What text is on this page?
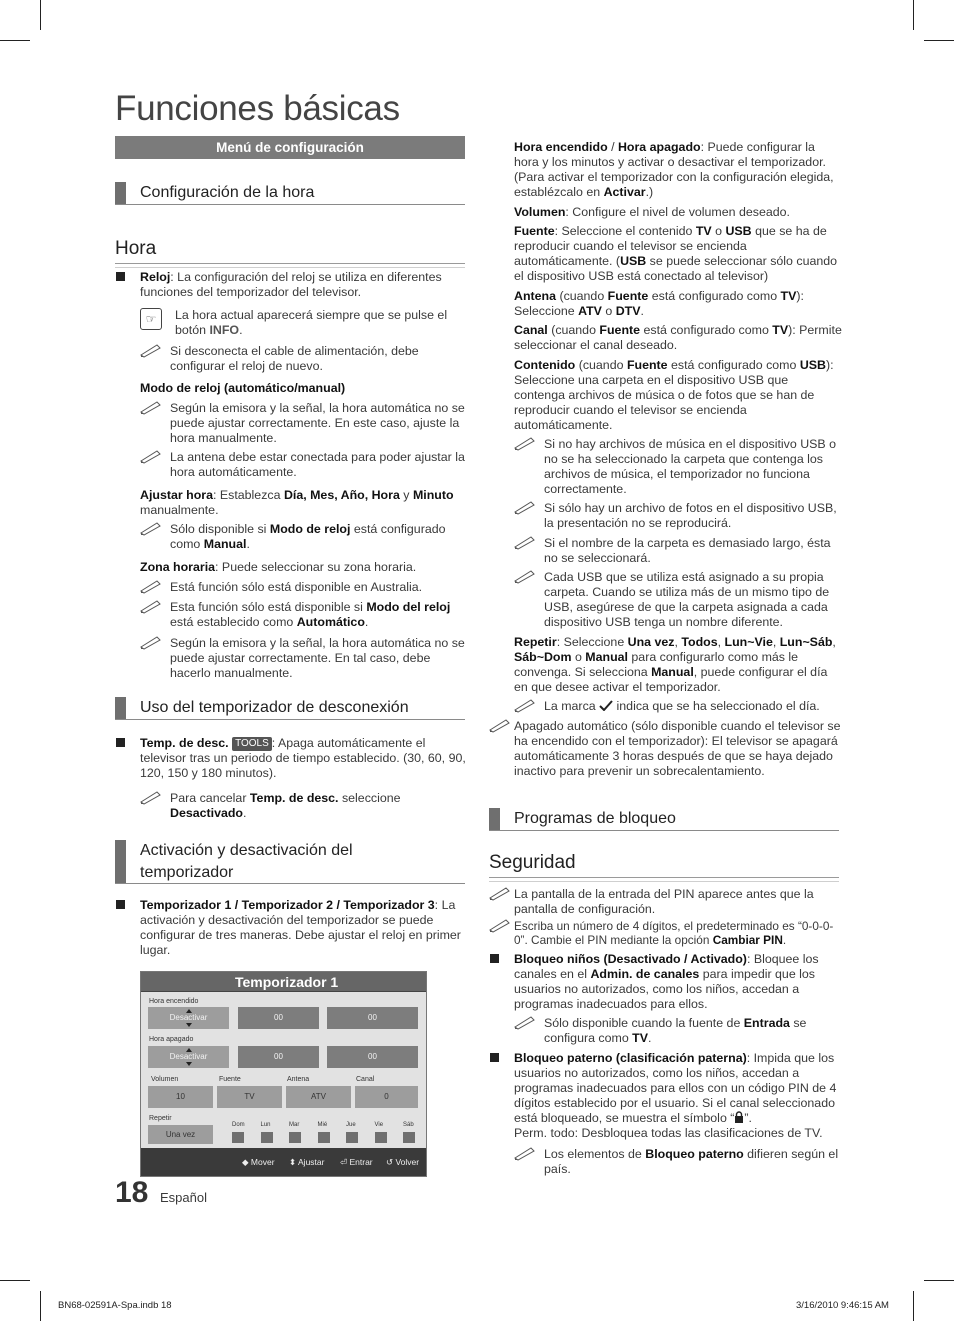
Funciones básicas
Menú de configuración
Configuración de la hora
Hora
Reloj: La configuración del reloj se utiliza en diferentes funciones del temporizador del televisor.
☞	La hora actual aparecerá siempre que se pulse el botón INFO.
Si desconecta el cable de alimentación, debe configurar el reloj de nuevo.
Modo de reloj (automático/manual)
Según la emisora y la señal, la hora automática no se puede ajustar correctamente. En este caso, ajuste la hora manualmente.
La antena debe estar conectada para poder ajustar la hora automáticamente.
Ajustar hora: Establezca Día, Mes, Año, Hora y Minuto manualmente.
Sólo disponible si Modo de reloj está configurado como Manual.
Zona horaria: Puede seleccionar su zona horaria.
Está función sólo está disponible en Australia.
Esta función sólo está disponible si Modo del reloj está establecido como Automático.
Según la emisora y la señal, la hora automática no se puede ajustar correctamente. En tal caso, debe hacerlo manualmente.
Uso del temporizador de desconexión
Temp. de desc. TOOLS : Apaga automáticamente el televisor tras un periodo de tiempo establecido. (30, 60, 90, 120, 150 y 180 minutos).
Para cancelar Temp. de desc. seleccione Desactivado.
Activación y desactivación del
temporizador
Temporizador 1 / Temporizador 2 / Temporizador 3: La activación y desactivación del temporizador se puede configurar de tres maneras. Debe ajustar el reloj en primer lugar.
Temporizador 1
Hora encendido
Desactivar	00	00
Hora apagado
Desactivar	00	00
Volumen	Fuente	Antena	Canal
10	TV	ATV	0
Repetir
Una vez
Dom	Lun	Mar	Mié	Jue	Vie	Sáb
◆ Mover ⬍ Ajustar ⏎ Entrar ↺ Volver
Hora encendido / Hora apagado: Puede configurar la hora y los minutos y activar o desactivar el temporizador. (Para activar el temporizador con la configuración elegida, establézcalo en Activar.)
Volumen: Configure el nivel de volumen deseado.
Fuente: Seleccione el contenido TV o USB que se ha de reproducir cuando el televisor se encienda automáticamente. (USB se puede seleccionar sólo cuando el dispositivo USB está conectado al televisor)
Antena (cuando Fuente está configurado como TV): Seleccione ATV o DTV.
Canal (cuando Fuente está configurado como TV): Permite seleccionar el canal deseado.
Contenido (cuando Fuente está configurado como USB): Seleccione una carpeta en el dispositivo USB que contenga archivos de música o de fotos que se han de reproducir cuando el televisor se encienda automáticamente.
Si no hay archivos de música en el dispositivo USB o no se ha seleccionado la carpeta que contenga los archivos de música, el temporizador no funciona correctamente.
Si sólo hay un archivo de fotos en el dispositivo USB, la presentación no se reproducirá.
Si el nombre de la carpeta es demasiado largo, ésta no se seleccionará.
Cada USB que se utiliza está asignado a su propia carpeta. Cuando se utiliza más de un mismo tipo de USB, asegúrese de que la carpeta asignada a cada dispositivo USB tenga un nombre diferente.
Repetir: Seleccione Una vez, Todos, Lun~Vie, Lun~Sáb, Sáb~Dom o Manual para configurarlo como más le convenga. Si selecciona Manual, puede configurar el día en que desee activar el temporizador.
La marca  indica que se ha seleccionado el día.
Apagado automático (sólo disponible cuando el televisor se ha encendido con el temporizador): El televisor se apagará automáticamente 3 horas después de que se haya dejado inactivo para prevenir un sobrecalentamiento.
Programas de bloqueo
Seguridad
La pantalla de la entrada del PIN aparece antes que la pantalla de configuración.
Escriba un número de 4 dígitos, el predeterminado es “0-0-0-0”. Cambie el PIN mediante la opción Cambiar PIN.
Bloqueo niños (Desactivado / Activado): Bloquee los canales en el Admin. de canales para impedir que los usuarios no autorizados, como los niños, accedan a programas inadecuados para ellos.
Sólo disponible cuando la fuente de Entrada se configura como TV.
Bloqueo paterno (clasificación paterna): Impida que los usuarios no autorizados, como los niños, accedan a programas inadecuados para ellos con un código PIN de 4 dígitos establecido por el usuario. Si el canal seleccionado está bloqueado, se muestra el símbolo “ ”.
Perm. todo: Desbloquea todas las clasificaciones de TV.
Los elementos de Bloqueo paterno difieren según el país.
18 Español
BN68-02591A-Spa.indb 18	3/16/2010 9:46:15 AM
